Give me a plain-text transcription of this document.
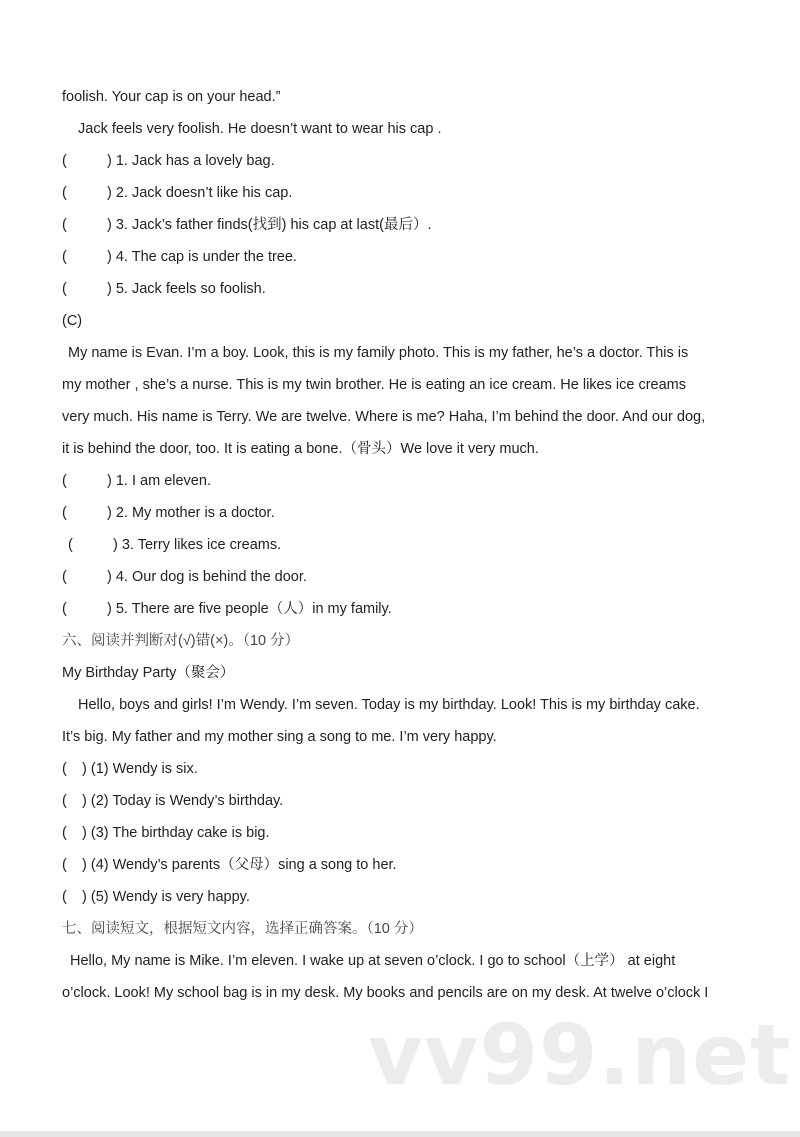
foolish. Your cap is on your head.”
Jack feels very foolish. He doesn’t want to wear his cap .
(	) 1. Jack has a lovely bag.
(	) 2. Jack doesn’t like his cap.
(	) 3. Jack’s father finds(找到) his cap at last(最后）.
(	) 4. The cap is under the tree.
(	) 5. Jack feels so foolish.
(C)
My name is Evan. I’m a boy. Look, this is my family photo. This is my father, he’s a doctor. This is
my mother , she’s a nurse. This is my twin brother. He is eating an ice cream. He likes ice creams
very much. His name is Terry. We are twelve. Where is me? Haha, I’m behind the door. And our dog,
it is behind the door, too. It is eating a bone.（骨头）We love it very much.
(	) 1. I am eleven.
(	) 2. My mother is a doctor.
(	) 3. Terry likes ice creams.
(	) 4. Our dog is behind the door.
(	) 5. There are five people（人）in my family.
六、阅读并判断对(√)错(×)。（10 分）
My Birthday Party（聚会）
Hello, boys and girls! I’m Wendy. I’m seven. Today is my birthday. Look! This is my birthday cake.
It’s big. My father and my mother sing a song to me. I’m very happy.
( ) (1) Wendy is six.
( ) (2) Today is Wendy’s birthday.
( ) (3) The birthday cake is big.
( ) (4) Wendy’s parents（父母）sing a song to her.
( ) (5) Wendy is very happy.
七、阅读短文，根据短文内容，选择正确答案。（10 分）
Hello, My name is Mike. I’m eleven. I wake up at seven o’clock. I go to school（上学） at eight
o’clock. Look! My school bag is in my desk. My books and pencils are on my desk. At twelve o’clock I
vv99.net
